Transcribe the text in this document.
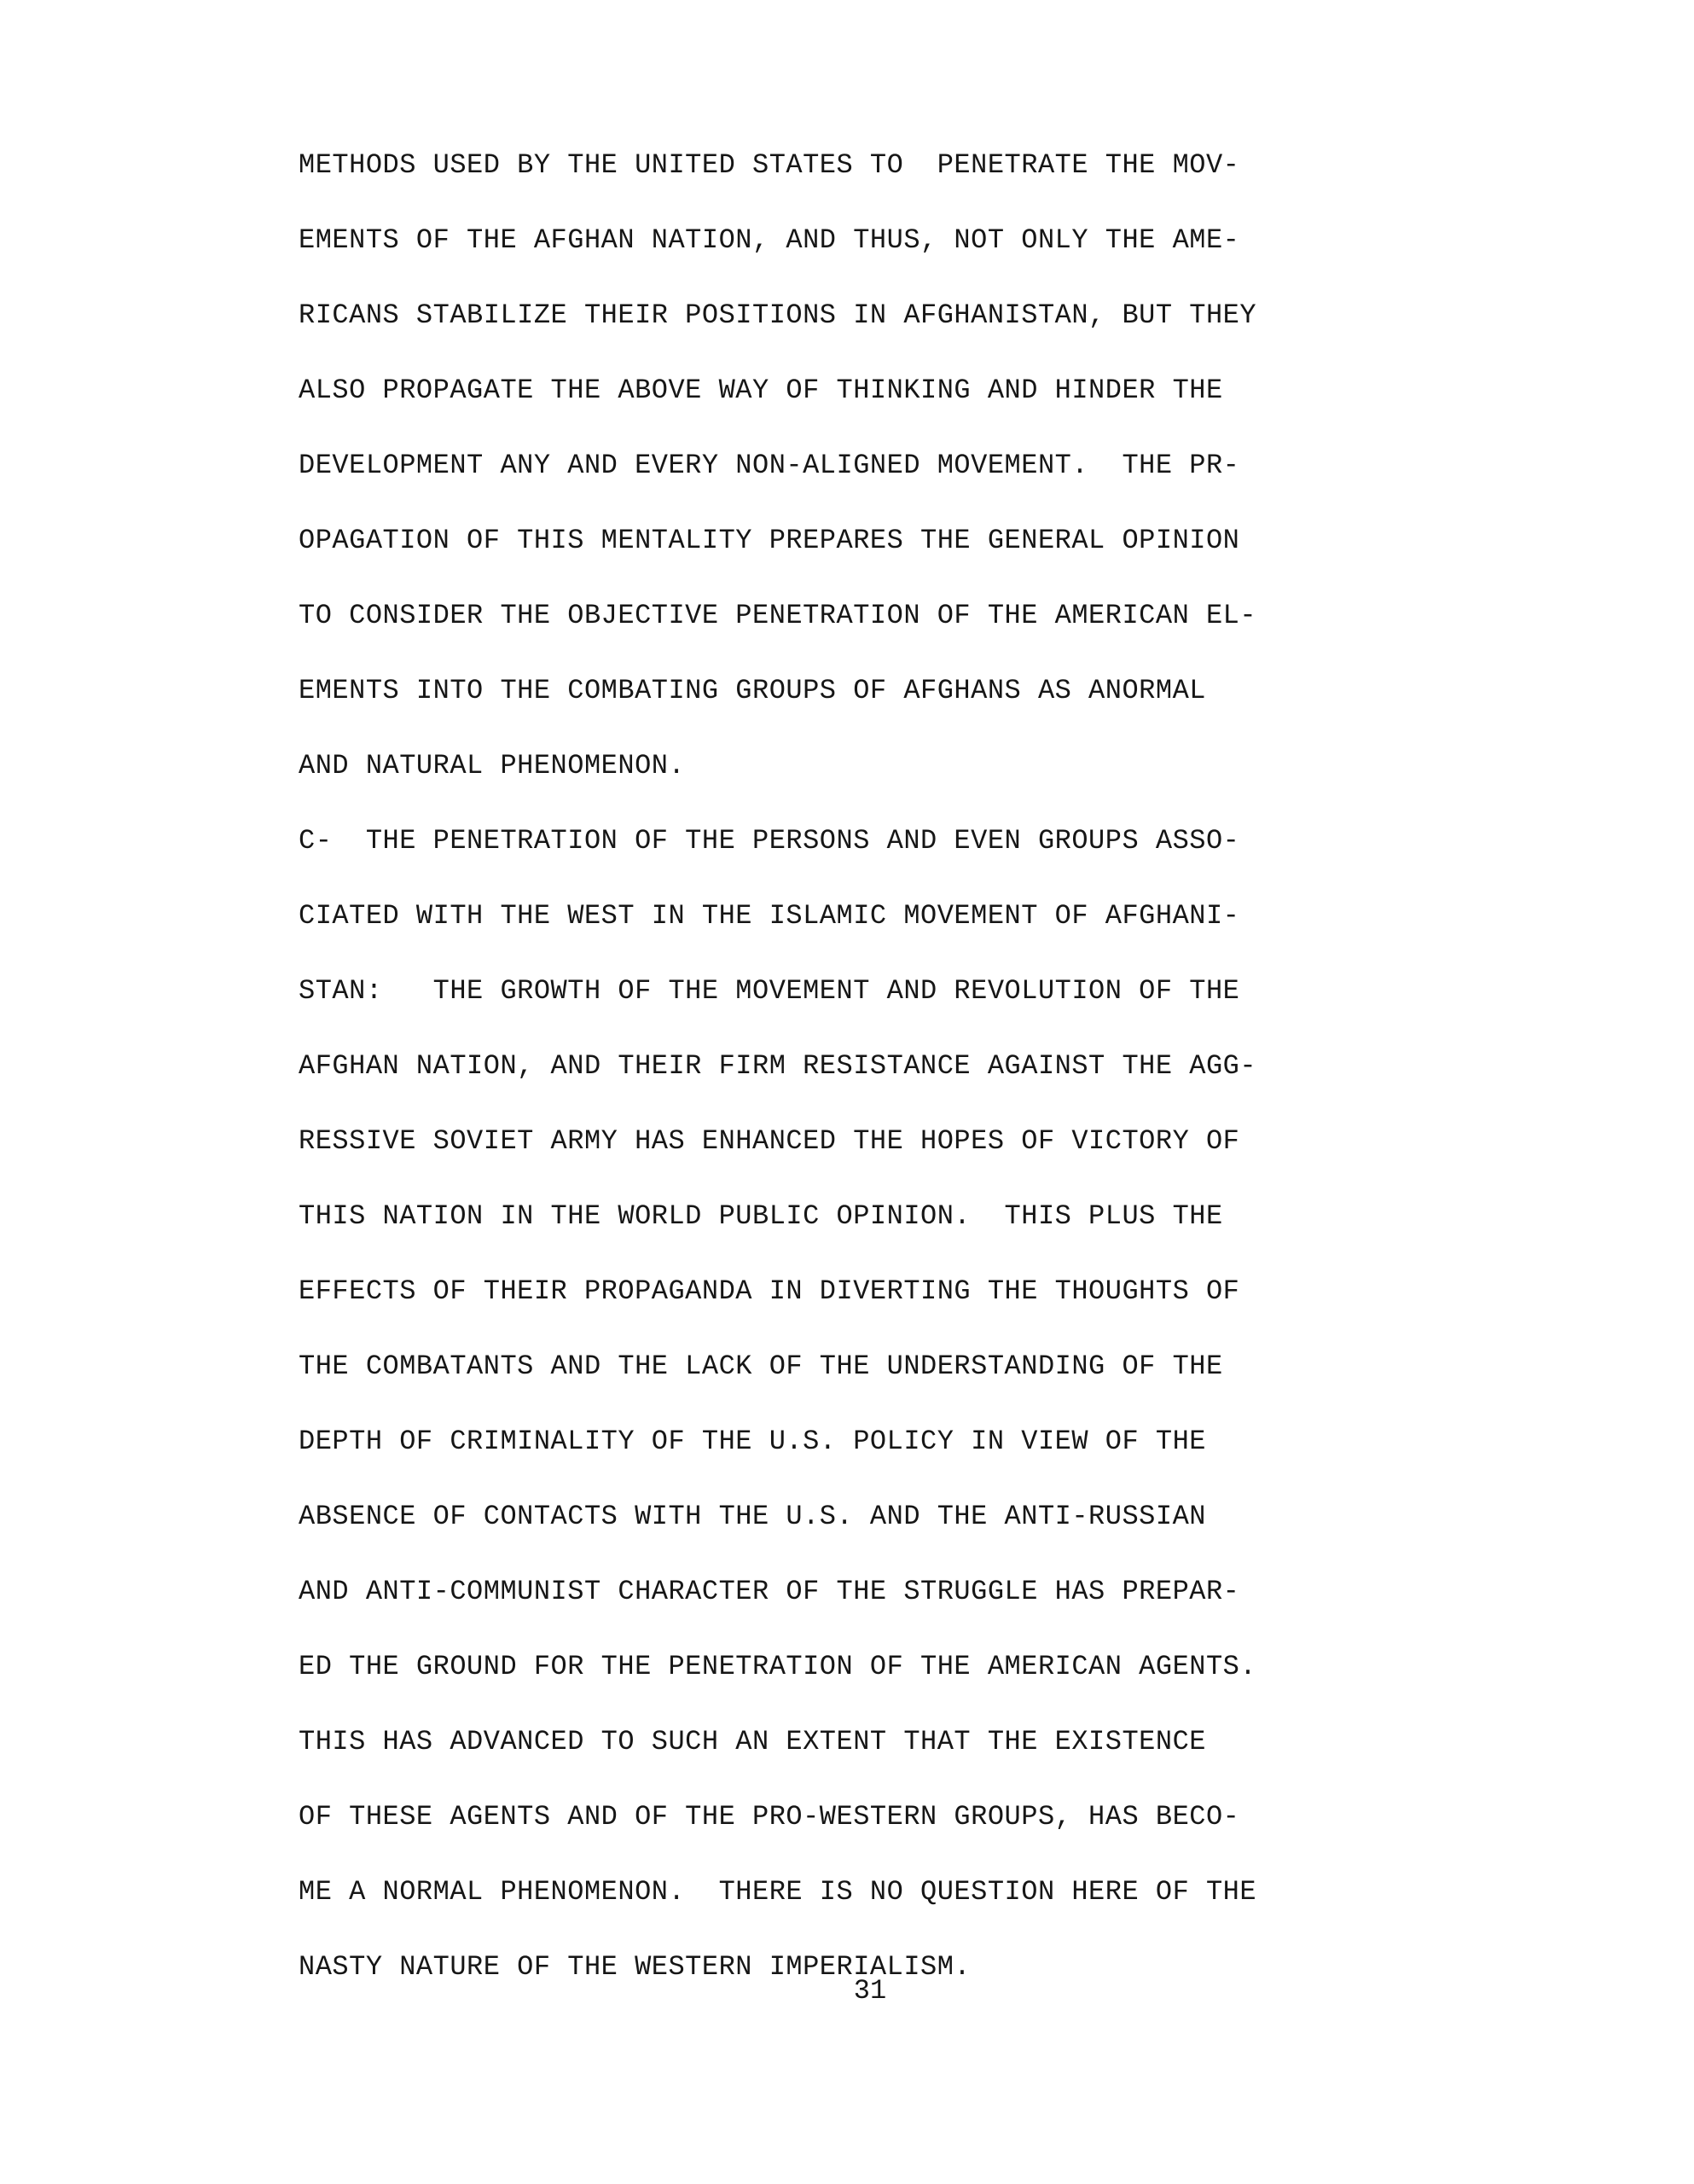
METHODS USED BY THE UNITED STATES TO  PENETRATE THE MOV-
EMENTS OF THE AFGHAN NATION, AND THUS, NOT ONLY THE AME-
RICANS STABILIZE THEIR POSITIONS IN AFGHANISTAN, BUT THEY
ALSO PROPAGATE THE ABOVE WAY OF THINKING AND HINDER THE
DEVELOPMENT ANY AND EVERY NON-ALIGNED MOVEMENT.  THE PR-
OPAGATION OF THIS MENTALITY PREPARES THE GENERAL OPINION
TO CONSIDER THE OBJECTIVE PENETRATION OF THE AMERICAN EL-
EMENTS INTO THE COMBATING GROUPS OF AFGHANS AS ANORMAL
AND NATURAL PHENOMENON.
C-  THE PENETRATION OF THE PERSONS AND EVEN GROUPS ASSO-
CIATED WITH THE WEST IN THE ISLAMIC MOVEMENT OF AFGHANI-
STAN:   THE GROWTH OF THE MOVEMENT AND REVOLUTION OF THE
AFGHAN NATION, AND THEIR FIRM RESISTANCE AGAINST THE AGG-
RESSIVE SOVIET ARMY HAS ENHANCED THE HOPES OF VICTORY OF
THIS NATION IN THE WORLD PUBLIC OPINION.  THIS PLUS THE
EFFECTS OF THEIR PROPAGANDA IN DIVERTING THE THOUGHTS OF
THE COMBATANTS AND THE LACK OF THE UNDERSTANDING OF THE
DEPTH OF CRIMINALITY OF THE U.S. POLICY IN VIEW OF THE
ABSENCE OF CONTACTS WITH THE U.S. AND THE ANTI-RUSSIAN
AND ANTI-COMMUNIST CHARACTER OF THE STRUGGLE HAS PREPAR-
ED THE GROUND FOR THE PENETRATION OF THE AMERICAN AGENTS.
THIS HAS ADVANCED TO SUCH AN EXTENT THAT THE EXISTENCE
OF THESE AGENTS AND OF THE PRO-WESTERN GROUPS, HAS BECO-
ME A NORMAL PHENOMENON.  THERE IS NO QUESTION HERE OF THE
NASTY NATURE OF THE WESTERN IMPERIALISM.
31
